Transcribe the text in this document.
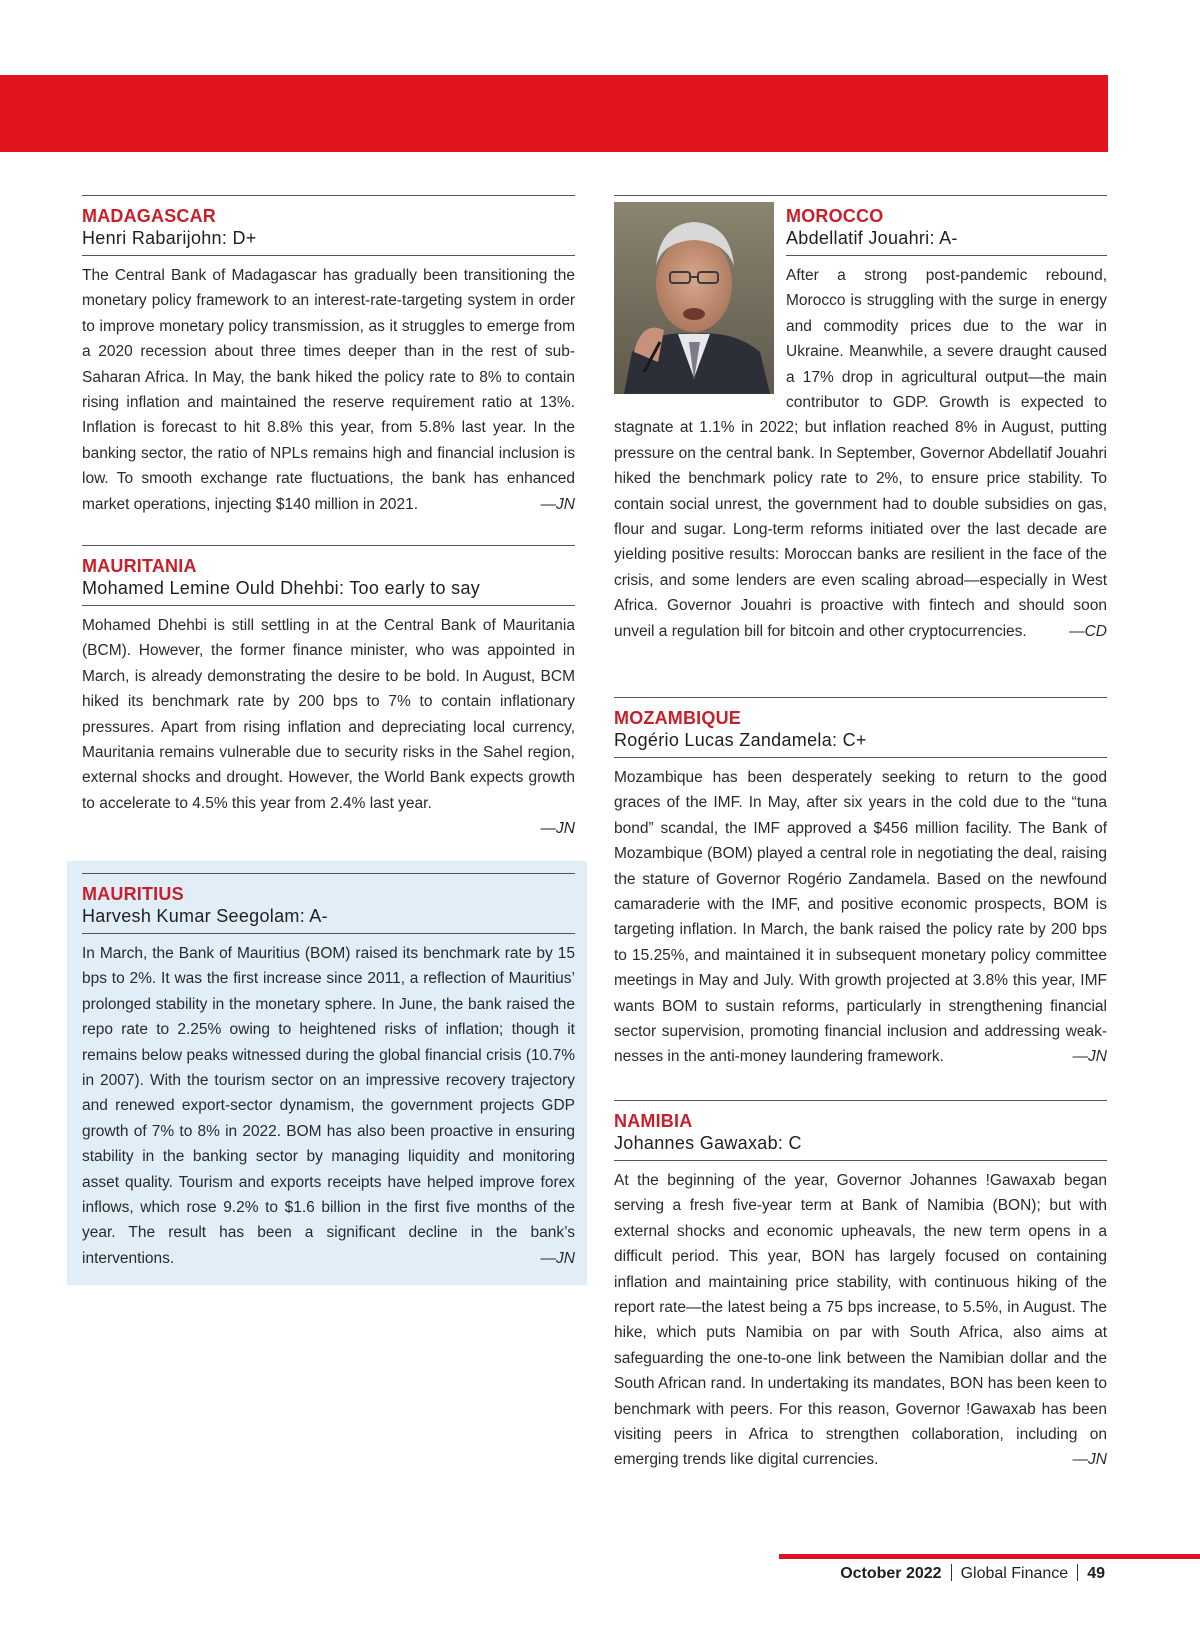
MADAGASCAR
Henri Rabarijohn: D+
The Central Bank of Madagascar has gradually been transitioning the monetary policy framework to an interest-rate-targeting system in order to improve monetary policy transmission, as it struggles to emerge from a 2020 recession about three times deeper than in the rest of sub-Saharan Africa. In May, the bank hiked the policy rate to 8% to contain rising inflation and maintained the reserve requirement ratio at 13%. Inflation is forecast to hit 8.8% this year, from 5.8% last year. In the banking sector, the ratio of NPLs remains high and financial inclusion is low. To smooth exchange rate fluctuations, the bank has enhanced market operations, injecting $140 million in 2021.	—JN
MAURITANIA
Mohamed Lemine Ould Dhehbi: Too early to say
Mohamed Dhehbi is still settling in at the Central Bank of Mauritania (BCM). However, the former finance minister, who was appointed in March, is already demonstrating the desire to be bold. In August, BCM hiked its benchmark rate by 200 bps to 7% to contain inflationary pressures. Apart from rising inflation and depreciating local currency, Mauritania remains vulnerable due to security risks in the Sahel region, external shocks and drought. However, the World Bank expects growth to accelerate to 4.5% this year from 2.4% last year.
—JN
MAURITIUS
Harvesh Kumar Seegolam: A-
In March, the Bank of Mauritius (BOM) raised its benchmark rate by 15 bps to 2%. It was the first increase since 2011, a reflection of Mauritius’ prolonged stability in the monetary sphere. In June, the bank raised the repo rate to 2.25% owing to heightened risks of inflation; though it remains below peaks witnessed during the global financial crisis (10.7% in 2007). With the tourism sector on an impressive recovery trajectory and renewed export-sector dynamism, the government projects GDP growth of 7% to 8% in 2022. BOM has also been proactive in ensuring stability in the banking sector by managing liquidity and monitoring asset quality. Tourism and exports receipts have helped improve forex inflows, which rose 9.2% to $1.6 billion in the first five months of the year. The result has been a significant decline in the bank’s interventions.	—JN
MOROCCO
Abdellatif Jouahri: A-
After a strong post-pandemic rebound, Morocco is struggling with the surge in energy and commodity prices due to the war in Ukraine. Meanwhile, a severe draught caused a 17% drop in agricultural output—the main contributor to GDP. Growth is expected to stagnate at 1.1% in 2022; but inflation reached 8% in August, putting pressure on the central bank. In September, Governor Abdellatif Jouahri hiked the benchmark policy rate to 2%, to ensure price stability. To contain social unrest, the government had to double subsidies on gas, flour and sugar. Long-term reforms initiated over the last decade are yielding positive results: Moroccan banks are resilient in the face of the crisis, and some lenders are even scaling abroad—especially in West Africa. Governor Jouahri is proactive with fintech and should soon unveil a regulation bill for bitcoin and other cryptocurrencies.	—CD
MOZAMBIQUE
Rogério Lucas Zandamela: C+
Mozambique has been desperately seeking to return to the good graces of the IMF. In May, after six years in the cold due to the “tuna bond” scandal, the IMF approved a $456 million facility. The Bank of Mozambique (BOM) played a central role in negotiating the deal, raising the stature of Governor Rogério Zandamela. Based on the newfound camaraderie with the IMF, and positive economic prospects, BOM is targeting inflation. In March, the bank raised the policy rate by 200 bps to 15.25%, and maintained it in subsequent monetary policy committee meetings in May and July. With growth projected at 3.8% this year, IMF wants BOM to sustain reforms, particularly in strengthening financial sector supervision, promoting financial inclusion and addressing weaknesses in the anti-money laundering framework.	—JN
NAMIBIA
Johannes Gawaxab: C
At the beginning of the year, Governor Johannes !Gawaxab began serving a fresh five-year term at Bank of Namibia (BON); but with external shocks and economic upheavals, the new term opens in a difficult period. This year, BON has largely focused on containing inflation and maintaining price stability, with continuous hiking of the report rate—the latest being a 75 bps increase, to 5.5%, in August. The hike, which puts Namibia on par with South Africa, also aims at safeguarding the one-to-one link between the Namibian dollar and the South African rand. In undertaking its mandates, BON has been keen to benchmark with peers. For this reason, Governor !Gawaxab has been visiting peers in Africa to strengthen collaboration, including on emerging trends like digital currencies.	—JN
October 2022 Global Finance 49
